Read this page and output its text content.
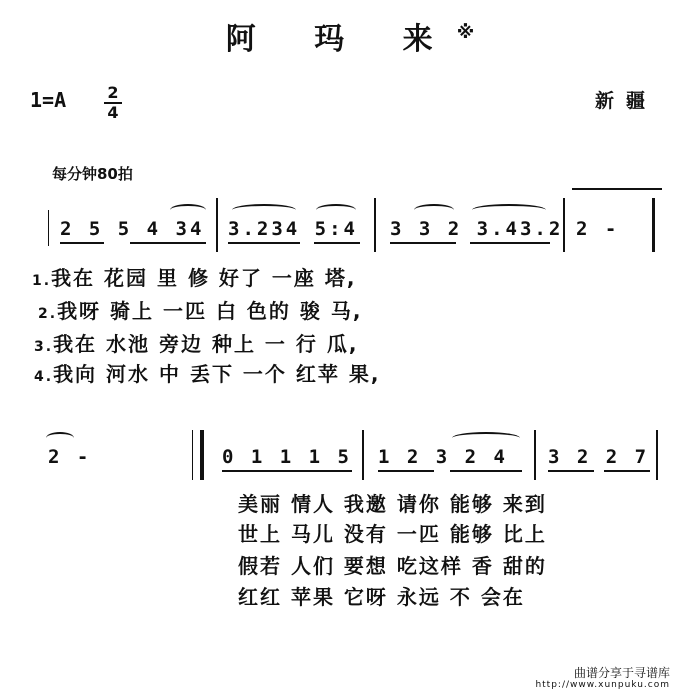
阿 玛 来※
1=A	2
4
新疆
每分钟80拍
2 5 5 4 34 3.234 5:4 3 3 2 3.43.2 2 -
1.我在 花园 里 修 好了 一座 塔,
2.我呀 骑上 一匹 白 色的 骏 马,
3.我在 水池 旁边 种上 一 行 瓜,
4.我向 河水 中 丢下 一个 红苹 果,
2 -	0 1 1 1 5 1 2 3 2 4 3 2 2 7
美丽 情人 我邀 请你 能够 来到
世上 马儿 没有 一匹 能够 比上
假若 人们 要想 吃这样 香 甜的
红红 苹果 它呀 永远 不 会在
曲谱分享于寻谱库
http://www.xunpuku.com
